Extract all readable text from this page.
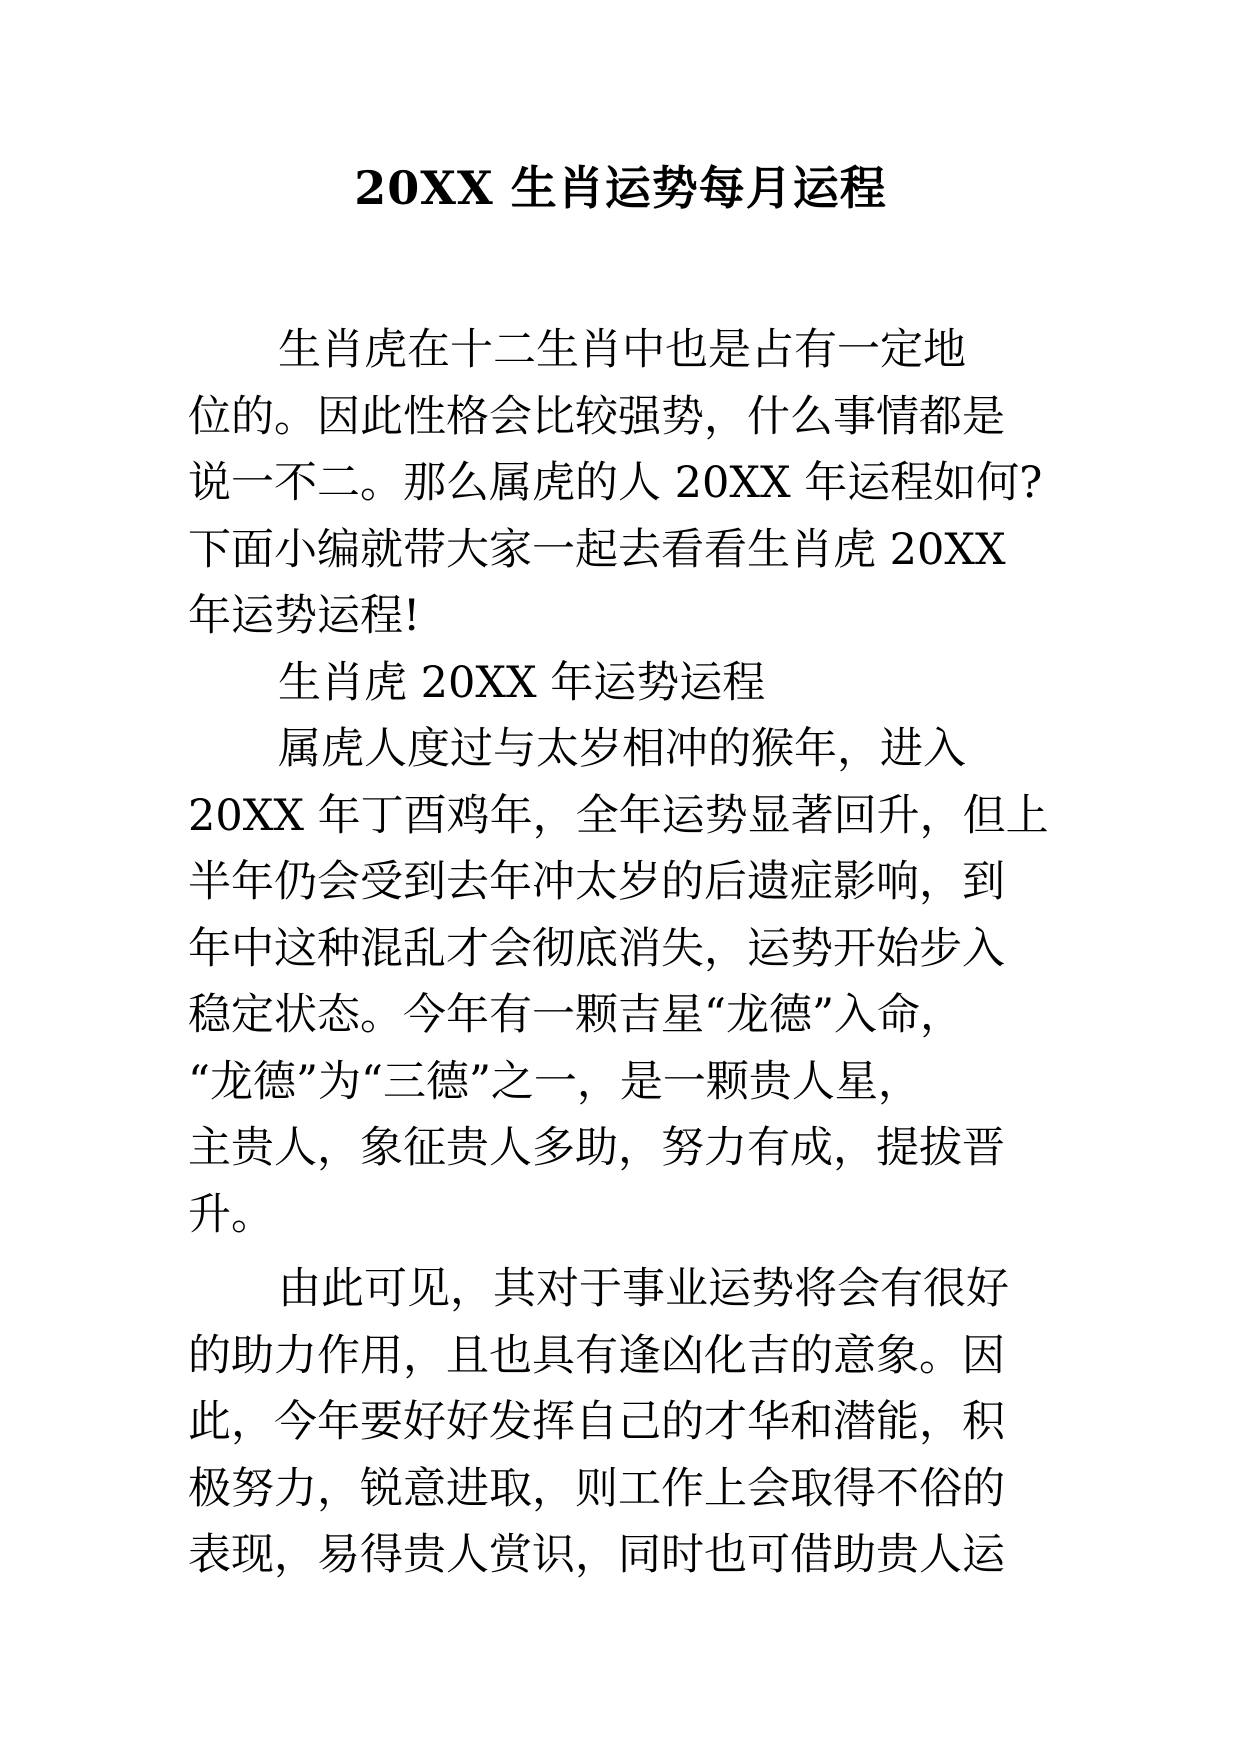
20XX 生肖运势每月运程
生肖虎在十二生肖中也是占有一定地
位的。因此性格会比较强势，什么事情都是
说一不二。那么属虎的人 20XX 年运程如何?
下面小编就带大家一起去看看生肖虎 20XX
年运势运程!
生肖虎 20XX 年运势运程
属虎人度过与太岁相冲的猴年，进入
20XX 年丁酉鸡年，全年运势显著回升，但上
半年仍会受到去年冲太岁的后遗症影响，到
年中这种混乱才会彻底消失，运势开始步入
稳定状态。今年有一颗吉星“龙德”入命，
“龙德”为“三德”之一，是一颗贵人星，
主贵人，象征贵人多助，努力有成，提拔晋
升。
由此可见，其对于事业运势将会有很好
的助力作用，且也具有逢凶化吉的意象。因
此，今年要好好发挥自己的才华和潜能，积
极努力，锐意进取，则工作上会取得不俗的
表现，易得贵人赏识，同时也可借助贵人运
